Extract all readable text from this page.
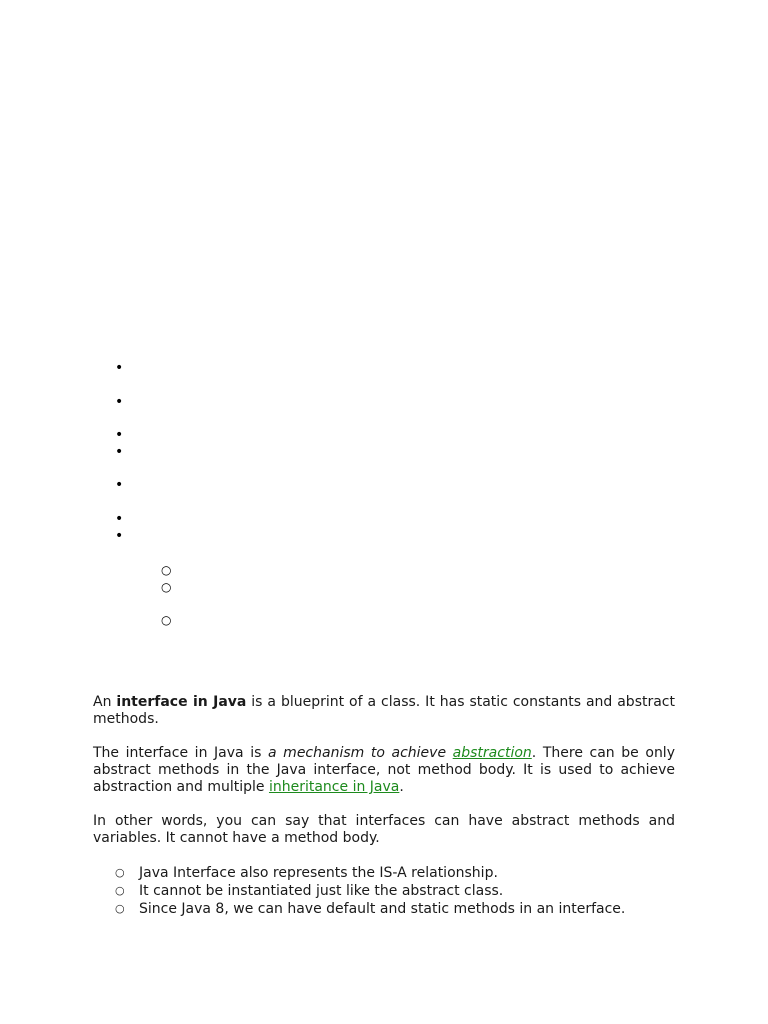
•
•
•
•
•
•
•
○
○
○

An interface in Java is a blueprint of a class. It has static constants and abstract methods.

The interface in Java is a mechanism to achieve abstraction. There can be only abstract methods in the Java interface, not method body. It is used to achieve abstraction and multiple inheritance in Java.

In other words, you can say that interfaces can have abstract methods and variables. It cannot have a method body.

○ Java Interface also represents the IS-A relationship.
○ It cannot be instantiated just like the abstract class.
○ Since Java 8, we can have default and static methods in an interface.
